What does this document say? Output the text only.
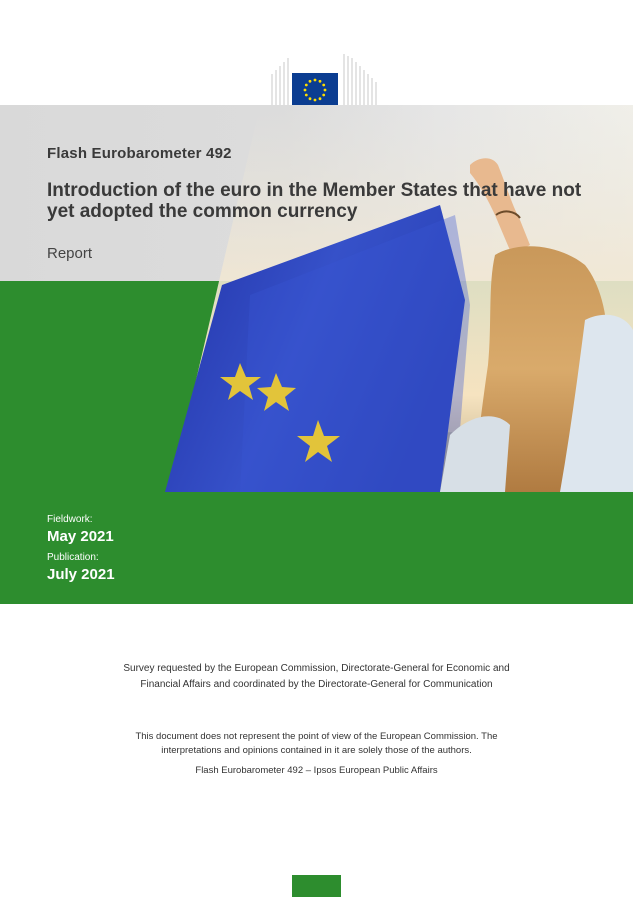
Flash Eurobarometer 492
Introduction of the euro in the Member States that have not yet adopted the common currency
Report
Fieldwork:
May 2021
Publication:
July 2021
Survey requested by the European Commission, Directorate-General for Economic and
Financial Affairs and coordinated by the Directorate-General for Communication
This document does not represent the point of view of the European Commission. The
interpretations and opinions contained in it are solely those of the authors.
Flash Eurobarometer 492 – Ipsos European Public Affairs
